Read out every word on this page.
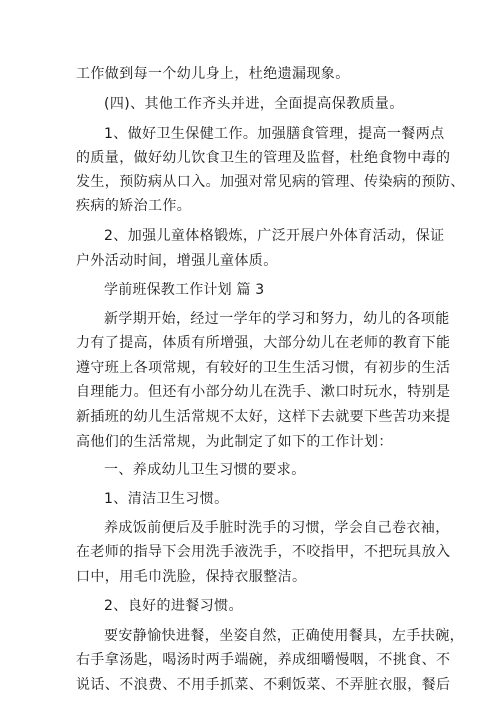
工作做到每一个幼儿身上，杜绝遗漏现象。
(四)、其他工作齐头并进，全面提高保教质量。
1、做好卫生保健工作。加强膳食管理，提高一餐两点
的质量，做好幼儿饮食卫生的管理及监督，杜绝食物中毒的
发生，预防病从口入。加强对常见病的管理、传染病的预防、
疾病的矫治工作。
2、加强儿童体格锻炼，广泛开展户外体育活动，保证
户外活动时间，增强儿童体质。
学前班保教工作计划 篇 3
新学期开始，经过一学年的学习和努力，幼儿的各项能
力有了提高，体质有所增强，大部分幼儿在老师的教育下能
遵守班上各项常规，有较好的卫生生活习惯，有初步的生活
自理能力。但还有小部分幼儿在洗手、漱口时玩水，特别是
新插班的幼儿生活常规不太好，这样下去就要下些苦功来提
高他们的生活常规，为此制定了如下的工作计划：
一、养成幼儿卫生习惯的要求。
1、清洁卫生习惯。
养成饭前便后及手脏时洗手的习惯，学会自己卷衣袖，
在老师的指导下会用洗手液洗手，不咬指甲，不把玩具放入
口中，用毛巾洗脸，保持衣服整洁。
2、良好的进餐习惯。
要安静愉快进餐，坐姿自然，正确使用餐具，左手扶碗，
右手拿汤匙，喝汤时两手端碗，养成细嚼慢咽，不挑食、不
说话、不浪费、不用手抓菜、不剩饭菜、不弄脏衣服，餐后
